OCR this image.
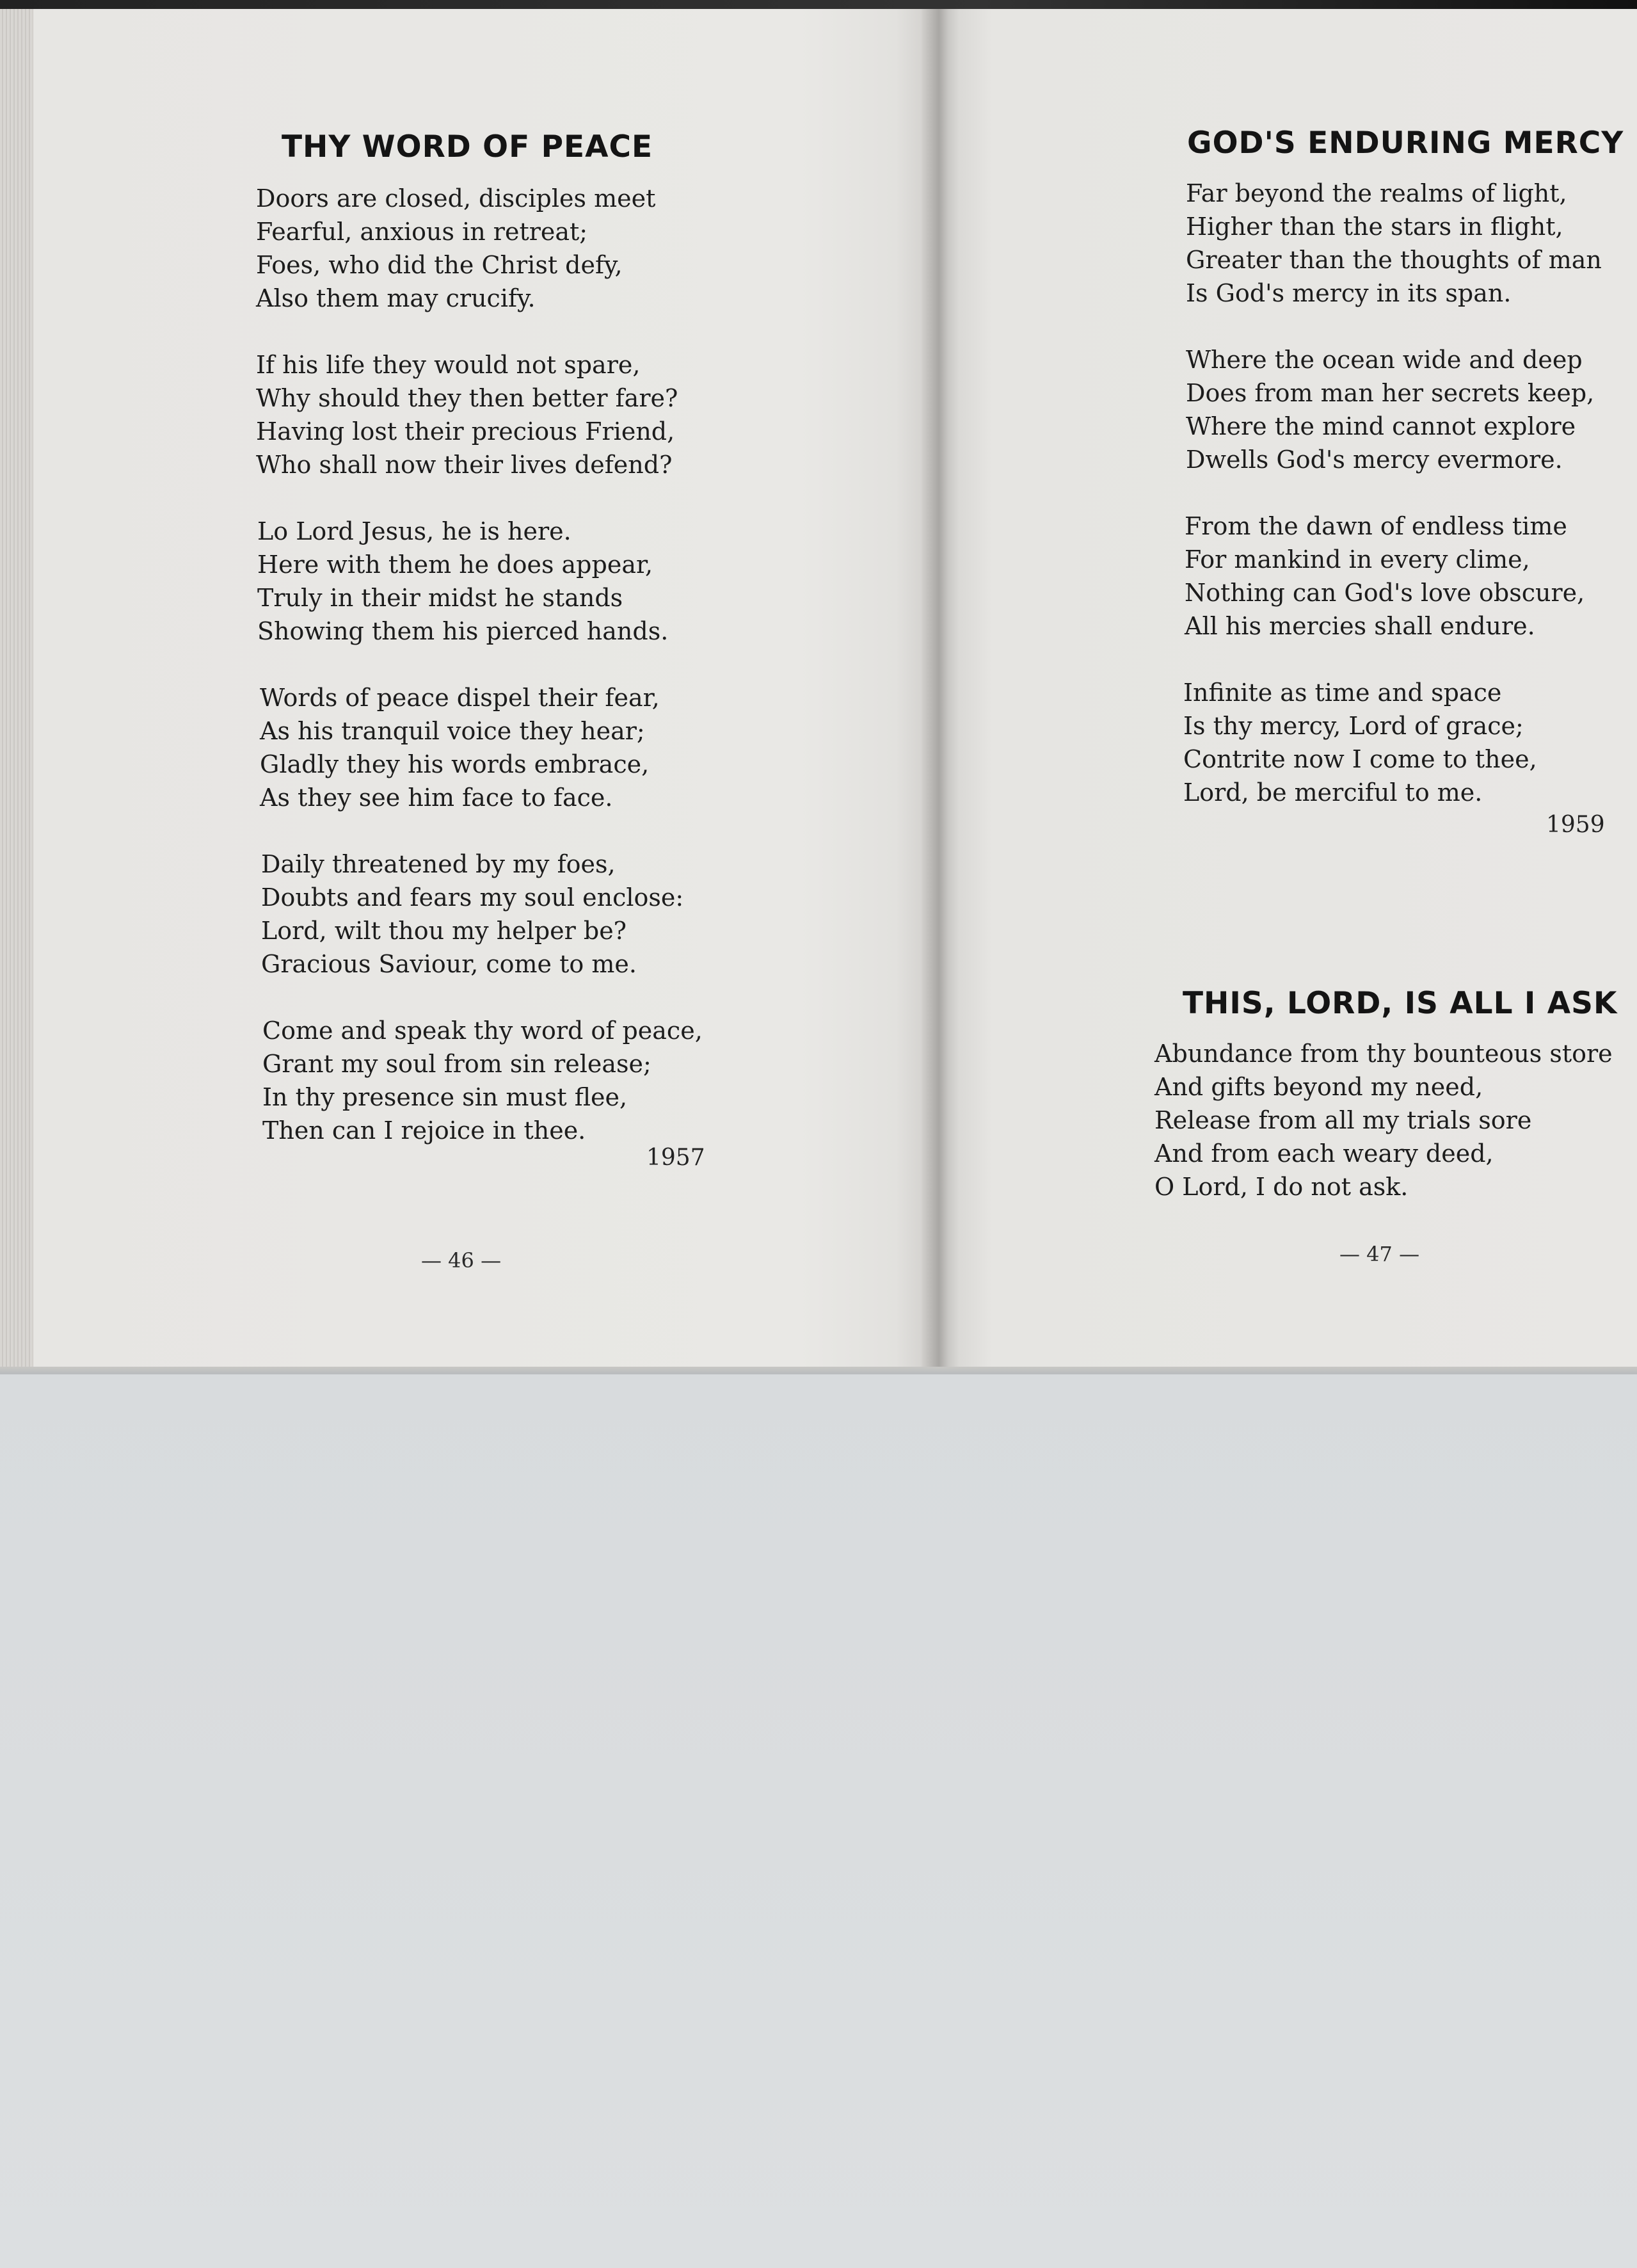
THY WORD OF PEACE
Doors are closed, disciples meet
Fearful, anxious in retreat;
Foes, who did the Christ defy,
Also them may crucify.
If his life they would not spare,
Why should they then better fare?
Having lost their precious Friend,
Who shall now their lives defend?
Lo Lord Jesus, he is here.
Here with them he does appear,
Truly in their midst he stands
Showing them his pierced hands.
Words of peace dispel their fear,
As his tranquil voice they hear;
Gladly they his words embrace,
As they see him face to face.
Daily threatened by my foes,
Doubts and fears my soul enclose:
Lord, wilt thou my helper be?
Gracious Saviour, come to me.
Come and speak thy word of peace,
Grant my soul from sin release;
In thy presence sin must flee,
Then can I rejoice in thee.
1957
— 46 —
GOD'S ENDURING MERCY
Far beyond the realms of light,
Higher than the stars in flight,
Greater than the thoughts of man
Is God's mercy in its span.
Where the ocean wide and deep
Does from man her secrets keep,
Where the mind cannot explore
Dwells God's mercy evermore.
From the dawn of endless time
For mankind in every clime,
Nothing can God's love obscure,
All his mercies shall endure.
Infinite as time and space
Is thy mercy, Lord of grace;
Contrite now I come to thee,
Lord, be merciful to me.
1959
THIS, LORD, IS ALL I ASK
Abundance from thy bounteous store
And gifts beyond my need,
Release from all my trials sore
And from each weary deed,
O Lord, I do not ask.
— 47 —
